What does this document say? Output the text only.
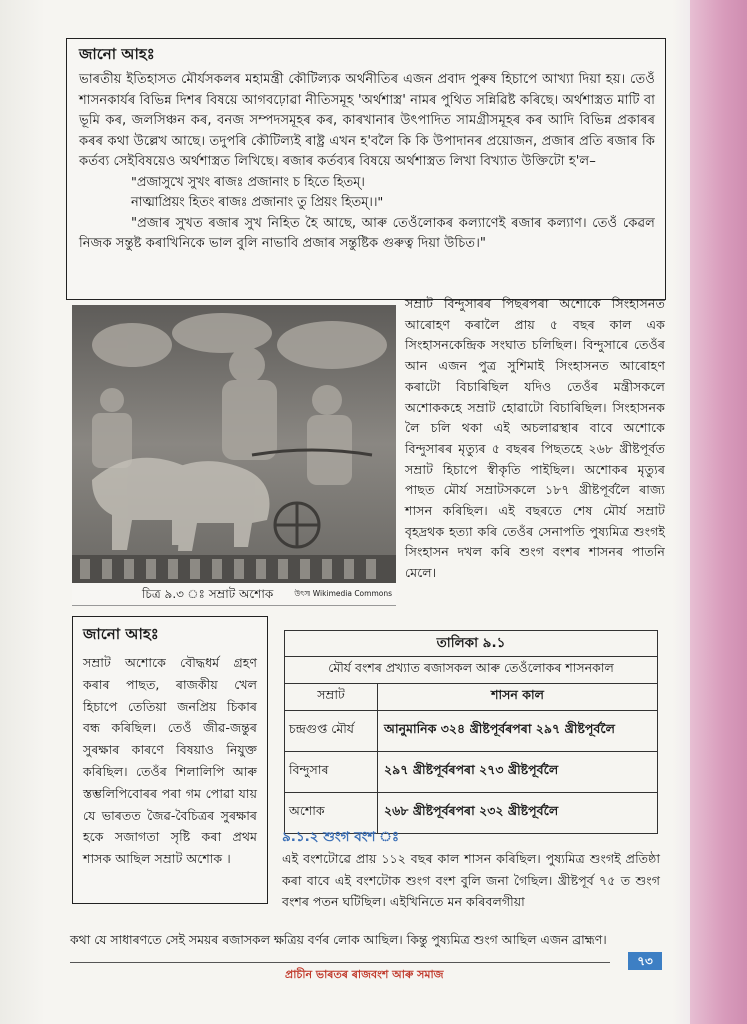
জানো আহঃ
ভাৰতীয় ইতিহাসত মৌৰ্যসকলৰ মহামন্ত্ৰী কৌটিল্যক অৰ্থনীতিৰ এজন প্ৰবাদ পুৰুষ হিচাপে আখ্যা দিয়া হয়। তেওঁ শাসনকাৰ্যৰ বিভিন্ন দিশৰ বিষয়ে আগবঢ়োৱা নীতিসমূহ 'অৰ্থশাস্ত্ৰ' নামৰ পুথিত সন্নিৱিষ্ট কৰিছে। অৰ্থশাস্ত্ৰত মাটি বা ভূমি কৰ, জলসিঞ্চন কৰ, বনজ সম্পদসমূহৰ কৰ, কাৰখানাৰ উৎপাদিত সামগ্ৰীসমূহৰ কৰ আদি বিভিন্ন প্ৰকাৰৰ কৰৰ কথা উল্লেখ আছে। তদুপৰি কৌটিল্যই ৰাষ্ট্ৰ এখন হ'বলৈ কি কি উপাদানৰ প্ৰয়োজন, প্ৰজাৰ প্ৰতি ৰজাৰ কি কৰ্তব্য সেইবিষয়েও অৰ্থশাস্ত্ৰত লিখিছে। ৰজাৰ কৰ্তব্যৰ বিষয়ে অৰ্থশাস্ত্ৰত লিখা বিখ্যাত উক্তিটো হ'ল–
"প্ৰজাসুখে সুখং ৰাজঃ প্ৰজানাং চ হিতে হিতম্।
নাত্মাপ্ৰিয়ং হিতং ৰাজঃ প্ৰজানাং তু প্ৰিয়ং হিতম্।।"
"প্ৰজাৰ সুখত ৰজাৰ সুখ নিহিত হৈ আছে, আৰু তেওঁলোকৰ কল্যাণেই ৰজাৰ কল্যাণ। তেওঁ কেৱল নিজক সন্তুষ্ট কৰাখিনিকে ভাল বুলি নাভাবি প্ৰজাৰ সন্তুষ্টিক গুৰুত্ব দিয়া উচিত।"
চিত্ৰ ৯.৩ ঃ সম্ৰাট অশোক	উৎস৷ Wikimedia Commons
সম্ৰাট বিন্দুসাৰৰ পিছৰপৰা অশোকে সিংহাসনত আৰোহণ কৰালৈ প্ৰায় ৫ বছৰ কাল এক সিংহাসনকেন্দ্ৰিক সংঘাত চলিছিল। বিন্দুসাৰে তেওঁৰ আন এজন পুত্ৰ সুশিমাই সিংহাসনত আৰোহণ কৰাটো বিচাৰিছিল যদিও তেওঁৰ মন্ত্ৰীসকলে অশোককহে সম্ৰাট হোৱাটো বিচাৰিছিল। সিংহাসনক লৈ চলি থকা এই অচলাৱস্থাৰ বাবে অশোকে বিন্দুসাৰৰ মৃত্যুৰ ৫ বছৰৰ পিছতহে ২৬৮ খ্ৰীষ্টপূৰ্বত সম্ৰাট হিচাপে স্বীকৃতি পাইছিল। অশোকৰ মৃত্যুৰ পাছত মৌৰ্য সম্ৰাটসকলে ১৮৭ খ্ৰীষ্টপূৰ্বলৈ ৰাজ্য শাসন কৰিছিল। এই বছৰতে শেষ মৌৰ্য সম্ৰাট বৃহদ্ৰথক হত্যা কৰি তেওঁৰ সেনাপতি পুষ্যমিত্ৰ শুংগই সিংহাসন দখল কৰি শুংগ বংশৰ শাসনৰ পাতনি মেলে।
জানো আহঃ
সম্ৰাট অশোকে বৌদ্ধধৰ্ম গ্ৰহণ কৰাৰ পাছত, ৰাজকীয় খেল হিচাপে তেতিয়া জনপ্ৰিয় চিকাৰ বন্ধ কৰিছিল। তেওঁ জীৱ-জন্তুৰ সুৰক্ষাৰ কাৰণে বিষয়াও নিযুক্ত কৰিছিল। তেওঁৰ শিলালিপি আৰু স্তম্ভলিপিবোৰৰ পৰা গম পোৱা যায় যে ভাৰতত জৈৱ-বৈচিত্ৰৰ সুৰক্ষাৰ হকে সজাগতা সৃষ্টি কৰা প্ৰথম শাসক আছিল সম্ৰাট অশোক ।
তালিকা ৯.১	
মৌৰ্য বংশৰ প্ৰখ্যাত ৰজাসকল আৰু তেওঁলোকৰ শাসনকাল	
সম্ৰাট	শাসন কাল
চন্দ্ৰগুপ্ত মৌৰ্য	আনুমানিক ৩২৪ খ্ৰীষ্টপূৰ্বৰপৰা ২৯৭ খ্ৰীষ্টপূৰ্বলৈ
বিন্দুসাৰ	২৯৭ খ্ৰীষ্টপূৰ্বৰপৰা ২৭৩ খ্ৰীষ্টপূৰ্বলৈ
অশোক	২৬৮ খ্ৰীষ্টপূৰ্বৰপৰা ২৩২ খ্ৰীষ্টপূৰ্বলৈ
৯.১.২ শুংগ বংশ ঃ
এই বংশটোৱে প্ৰায় ১১২ বছৰ কাল শাসন কৰিছিল। পুষ্যমিত্ৰ শুংগই প্ৰতিষ্ঠা কৰা বাবে এই বংশটোক শুংগ বংশ বুলি জনা গৈছিল। খ্ৰীষ্টপূৰ্ব ৭৫ ত শুংগ বংশৰ পতন ঘটিছিল। এইখিনিতে মন কৰিবলগীয়া
কথা যে সাধাৰণতে সেই সময়ৰ ৰজাসকল ক্ষত্ৰিয় বৰ্ণৰ লোক আছিল। কিন্তু পুষ্যমিত্ৰ শুংগ আছিল এজন ব্ৰাহ্মণ।
প্ৰাচীন ভাৰতৰ ৰাজবংশ আৰু সমাজ
৭৩
